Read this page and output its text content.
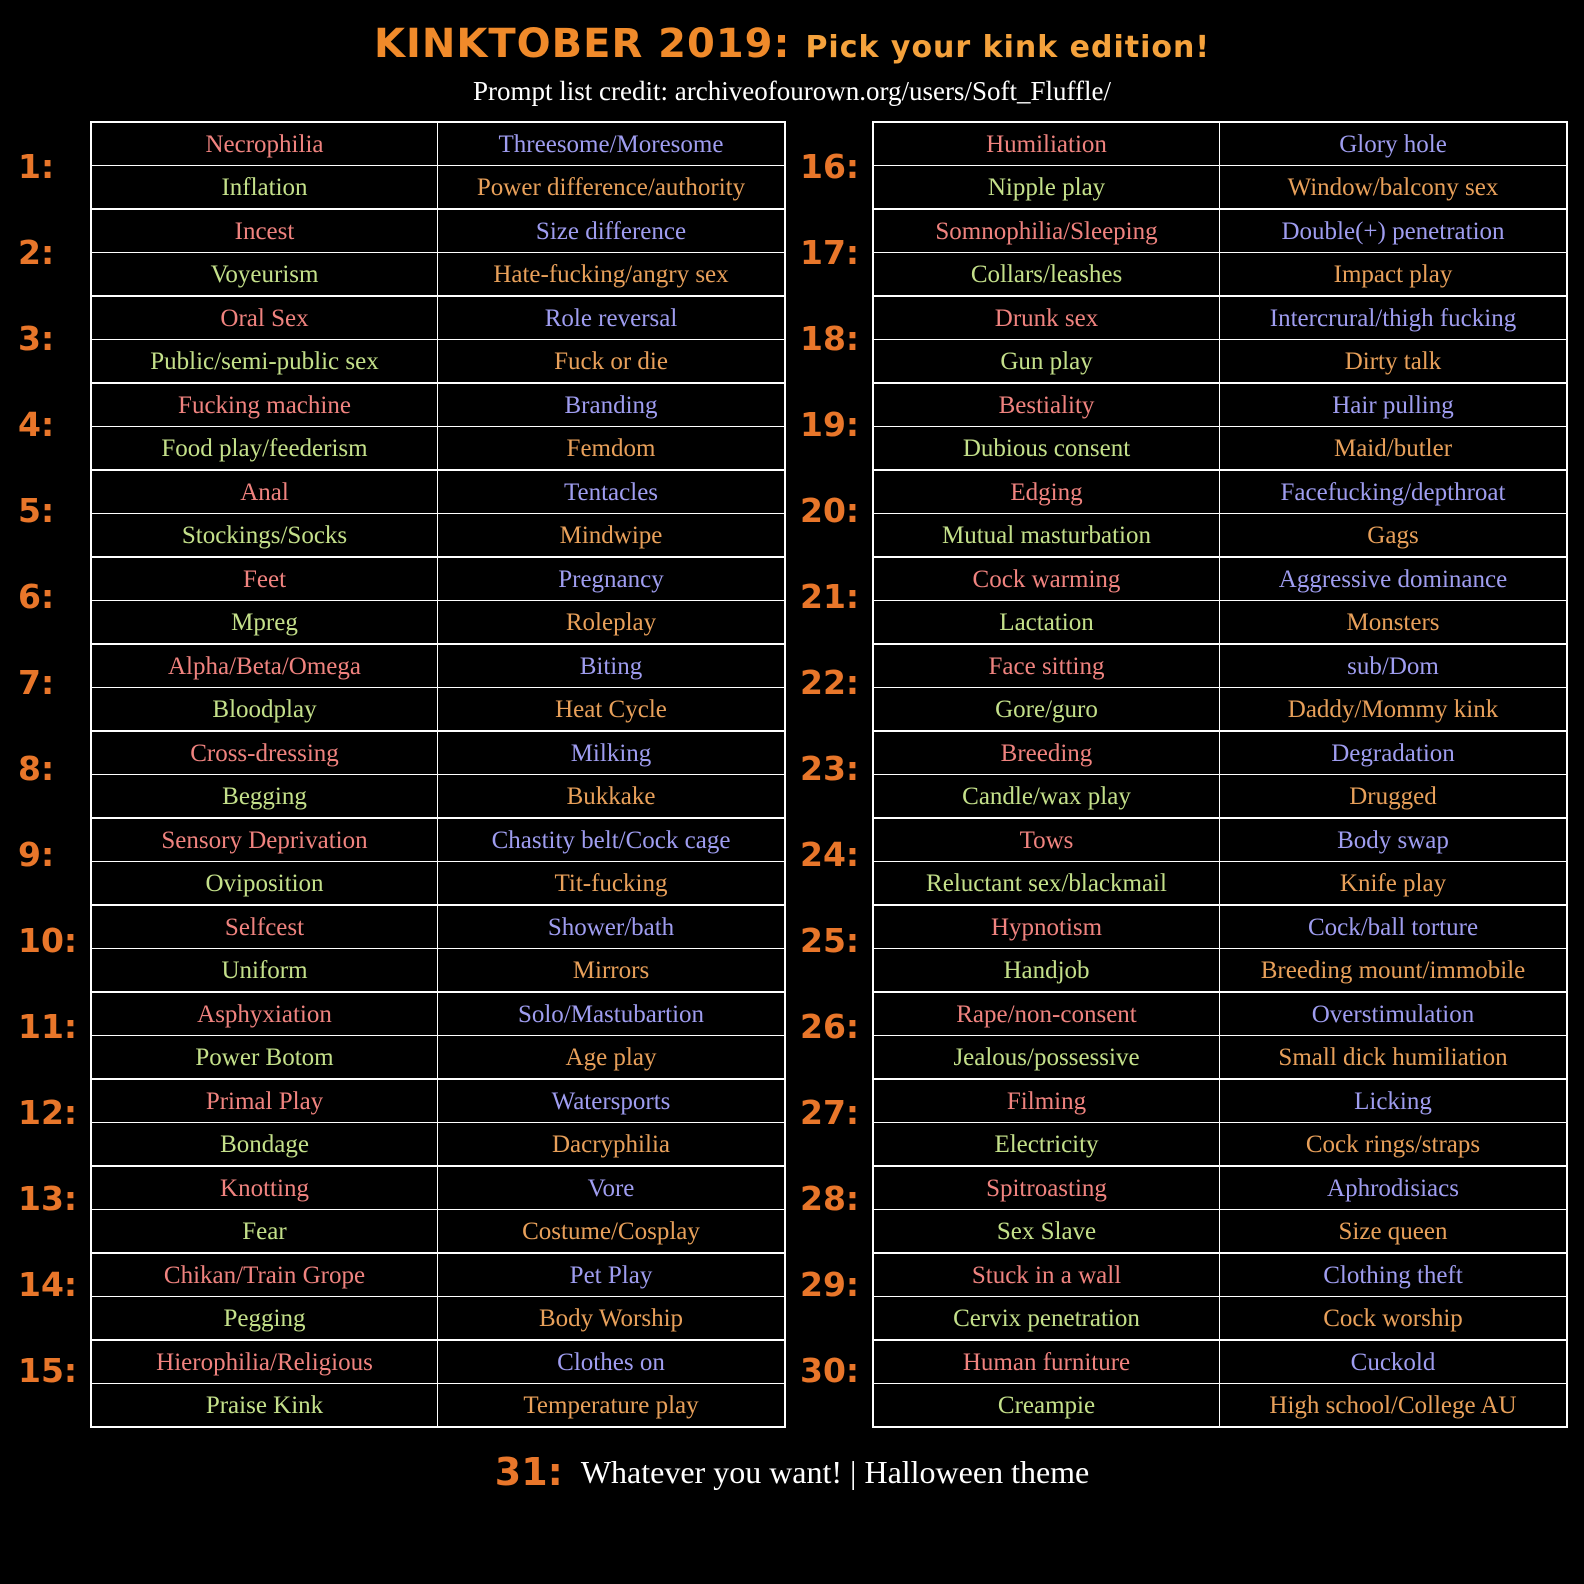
KINKTOBER 2019: Pick your kink edition!
Prompt list credit: archiveofourown.org/users/Soft_Fluffle/
1:
2:
3:
4:
5:
6:
7:
8:
9:
10:
11:
12:
13:
14:
15:
Necrophilia	Threesome/Moresome
Inflation	Power difference/authority
Incest	Size difference
Voyeurism	Hate-fucking/angry sex
Oral Sex	Role reversal
Public/semi-public sex	Fuck or die
Fucking machine	Branding
Food play/feederism	Femdom
Anal	Tentacles
Stockings/Socks	Mindwipe
Feet	Pregnancy
Mpreg	Roleplay
Alpha/Beta/Omega	Biting
Bloodplay	Heat Cycle
Cross-dressing	Milking
Begging	Bukkake
Sensory Deprivation	Chastity belt/Cock cage
Oviposition	Tit-fucking
Selfcest	Shower/bath
Uniform	Mirrors
Asphyxiation	Solo/Mastubartion
Power Botom	Age play
Primal Play	Watersports
Bondage	Dacryphilia
Knotting	Vore
Fear	Costume/Cosplay
Chikan/Train Grope	Pet Play
Pegging	Body Worship
Hierophilia/Religious	Clothes on
Praise Kink	Temperature play
16:
17:
18:
19:
20:
21:
22:
23:
24:
25:
26:
27:
28:
29:
30:
Humiliation	Glory hole
Nipple play	Window/balcony sex
Somnophilia/Sleeping	Double(+) penetration
Collars/leashes	Impact play
Drunk sex	Intercrural/thigh fucking
Gun play	Dirty talk
Bestiality	Hair pulling
Dubious consent	Maid/butler
Edging	Facefucking/depthroat
Mutual masturbation	Gags
Cock warming	Aggressive dominance
Lactation	Monsters
Face sitting	sub/Dom
Gore/guro	Daddy/Mommy kink
Breeding	Degradation
Candle/wax play	Drugged
Tows	Body swap
Reluctant sex/blackmail	Knife play
Hypnotism	Cock/ball torture
Handjob	Breeding mount/immobile
Rape/non-consent	Overstimulation
Jealous/possessive	Small dick humiliation
Filming	Licking
Electricity	Cock rings/straps
Spitroasting	Aphrodisiacs
Sex Slave	Size queen
Stuck in a wall	Clothing theft
Cervix penetration	Cock worship
Human furniture	Cuckold
Creampie	High school/College AU
31: Whatever you want! | Halloween theme
